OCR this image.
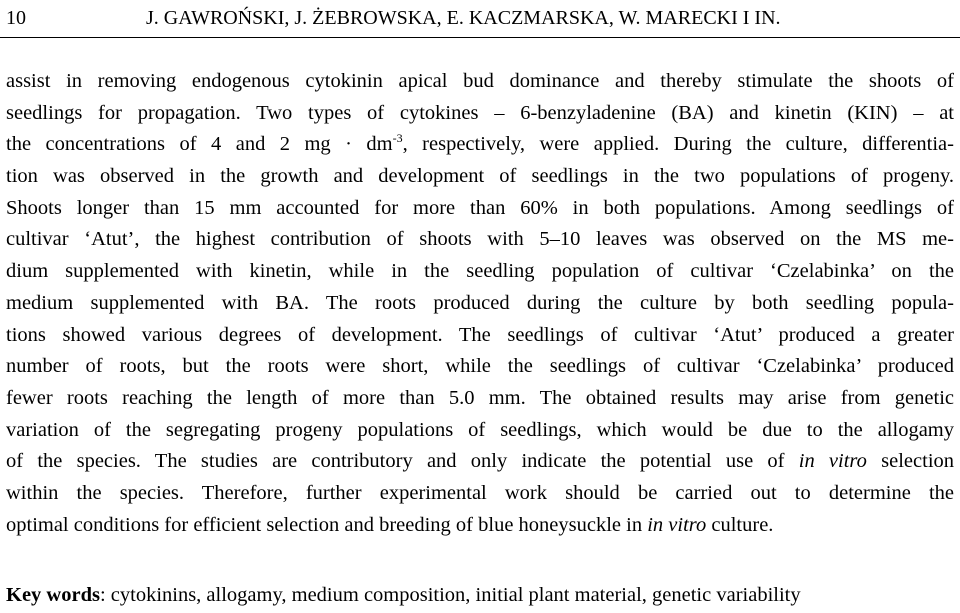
10	J. GAWROŃSKI, J. ŻEBROWSKA, E. KACZMARSKA, W. MARECKI I IN.
assist in removing endogenous cytokinin apical bud dominance and thereby stimulate the shoots of
seedlings for propagation. Two types of cytokines – 6-benzyladenine (BA) and kinetin (KIN) – at
the concentrations of 4 and 2 mg · $dm^{-3}$, respectively, were applied. During the culture, differentia-
tion was observed in the growth and development of seedlings in the two populations of progeny.
Shoots longer than 15 mm accounted for more than 60% in both populations. Among seedlings of
cultivar ‘Atut’, the highest contribution of shoots with 5–10 leaves was observed on the MS me-
dium supplemented with kinetin, while in the seedling population of cultivar ‘Czelabinka’ on the
medium supplemented with BA. The roots produced during the culture by both seedling popula-
tions showed various degrees of development. The seedlings of cultivar ‘Atut’ produced a greater
number of roots, but the roots were short, while the seedlings of cultivar ‘Czelabinka’ produced
fewer roots reaching the length of more than 5.0 mm. The obtained results may arise from genetic
variation of the segregating progeny populations of seedlings, which would be due to the allogamy
of the species. The studies are contributory and only indicate the potential use of in vitro selection
within the species. Therefore, further experimental work should be carried out to determine the
optimal conditions for efficient selection and breeding of blue honeysuckle in in vitro culture.
Key words: cytokinins, allogamy, medium composition, initial plant material, genetic variability
